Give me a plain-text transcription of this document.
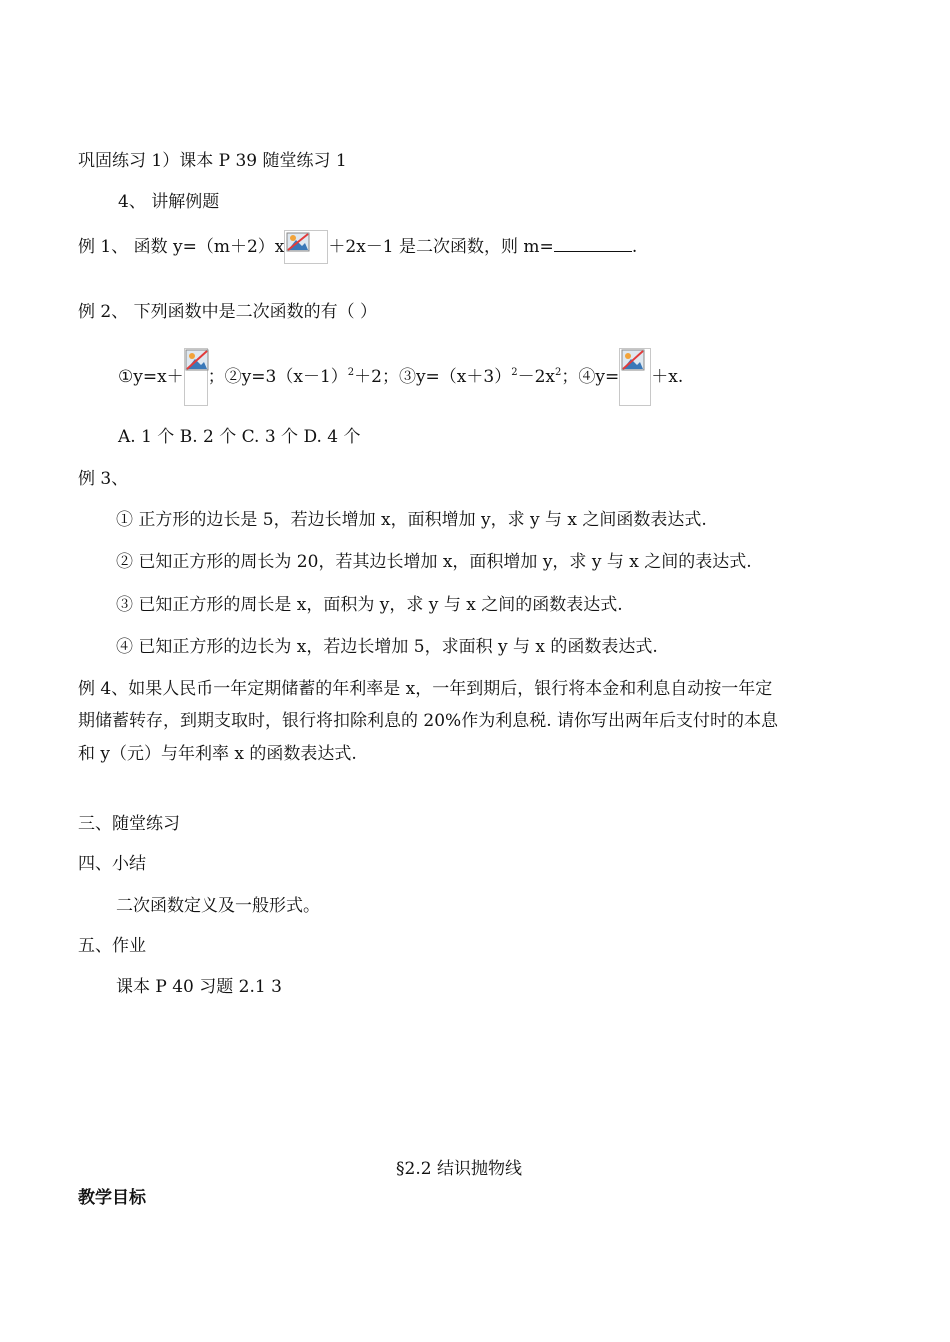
巩固练习 1）课本 P 39 随堂练习 1
4、 讲解例题
例 1、 函数 y=（m＋2）x	＋2x－1 是二次函数，则 m=	.
例 2、 下列函数中是二次函数的有（ ）
①y=x＋ ；$②y=3(x-1)^2+2$；$③y=(x+3)^2-2x^2$；④y= ＋x.
A. 1 个 B. 2 个 C. 3 个 D. 4 个
例 3、
① 正方形的边长是 5，若边长增加 x，面积增加 y，求 y 与 x 之间函数表达式.
② 已知正方形的周长为 20，若其边长增加 x，面积增加 y，求 y 与 x 之间的表达式.
③ 已知正方形的周长是 x，面积为 y，求 y 与 x 之间的函数表达式.
④ 已知正方形的边长为 x，若边长增加 5，求面积 y 与 x 的函数表达式.
例 4、如果人民币一年定期储蓄的年利率是 x，一年到期后，银行将本金和利息自动按一年定
期储蓄转存，到期支取时，银行将扣除利息的 20%作为利息税. 请你写出两年后支付时的本息
和 y（元）与年利率 x 的函数表达式.
三、随堂练习
四、小结
二次函数定义及一般形式。
五、作业
课本 P 40 习题 2.1 3
§2.2 结识抛物线
教学目标
